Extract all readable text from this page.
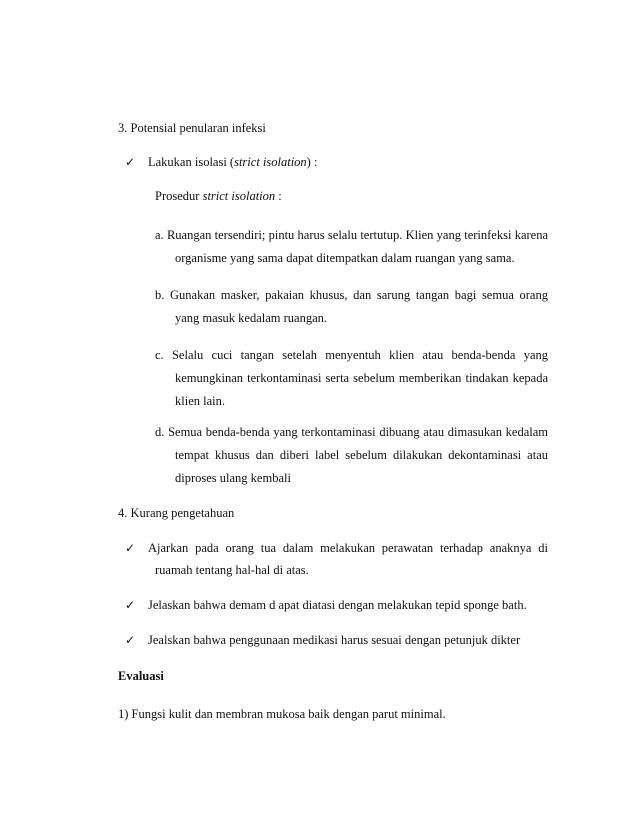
3. Potensial penularan infeksi
✓
Lakukan isolasi (strict isolation) :
Prosedur strict isolation :
a. Ruangan tersendiri; pintu harus selalu tertutup. Klien yang terinfeksi karena
organisme yang sama dapat ditempatkan dalam ruangan yang sama.
b. Gunakan masker, pakaian khusus, dan sarung tangan bagi semua orang
yang masuk kedalam ruangan.
c. Selalu cuci tangan setelah menyentuh klien atau benda-benda yang
kemungkinan terkontaminasi serta sebelum memberikan tindakan kepada
klien lain.
d. Semua benda-benda yang terkontaminasi dibuang atau dimasukan kedalam
tempat khusus dan diberi label sebelum dilakukan dekontaminasi atau
diproses ulang kembali
4. Kurang pengetahuan
✓
Ajarkan pada orang tua dalam melakukan perawatan terhadap anaknya di
ruamah tentang hal-hal di atas.
✓
Jelaskan bahwa demam d apat diatasi dengan melakukan tepid sponge bath.
✓
Jealskan bahwa penggunaan medikasi harus sesuai dengan petunjuk dikter
Evaluasi
1) Fungsi kulit dan membran mukosa baik dengan parut minimal.
